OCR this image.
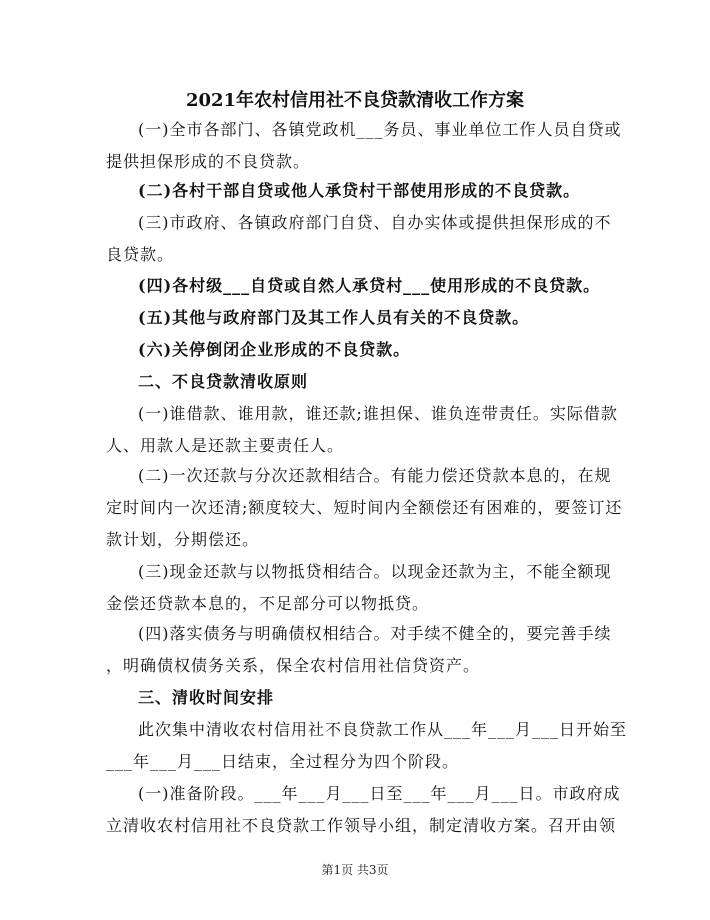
2021年农村信用社不良贷款清收工作方案
(一)全市各部门、各镇党政机___务员、事业单位工作人员自贷或
提供担保形成的不良贷款。
(二)各村干部自贷或他人承贷村干部使用形成的不良贷款。
(三)市政府、各镇政府部门自贷、自办实体或提供担保形成的不
良贷款。
(四)各村级___自贷或自然人承贷村___使用形成的不良贷款。
(五)其他与政府部门及其工作人员有关的不良贷款。
(六)关停倒闭企业形成的不良贷款。
二、不良贷款清收原则
(一)谁借款、谁用款，谁还款;谁担保、谁负连带责任。实际借款
人、用款人是还款主要责任人。
(二)一次还款与分次还款相结合。有能力偿还贷款本息的，在规
定时间内一次还清;额度较大、短时间内全额偿还有困难的，要签订还
款计划，分期偿还。
(三)现金还款与以物抵贷相结合。以现金还款为主，不能全额现
金偿还贷款本息的，不足部分可以物抵贷。
(四)落实债务与明确债权相结合。对手续不健全的，要完善手续
，明确债权债务关系，保全农村信用社信贷资产。
三、清收时间安排
此次集中清收农村信用社不良贷款工作从___年___月___日开始至
___年___月___日结束，全过程分为四个阶段。
(一)准备阶段。___年___月___日至___年___月___日。市政府成
立清收农村信用社不良贷款工作领导小组，制定清收方案。召开由领
第1页 共3页
